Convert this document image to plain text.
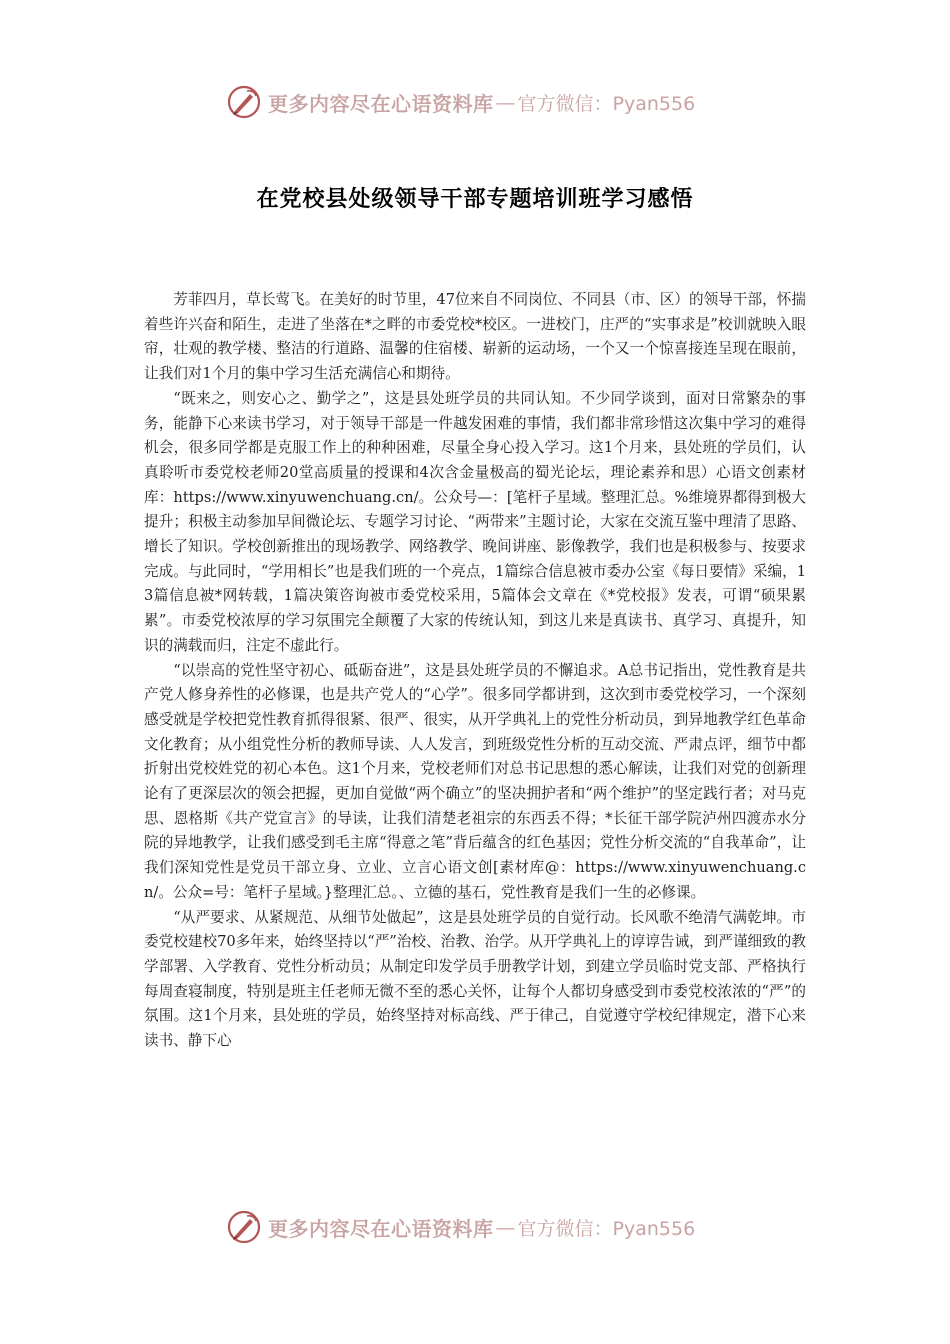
更多内容尽在心语资料库 — 官方微信：Pyan556
在党校县处级领导干部专题培训班学习感悟

芳菲四月，草长莺飞。在美好的时节里，47位来自不同岗位、不同县（市、区）的领导干部，怀揣着些许兴奋和陌生，走进了坐落在*之畔的市委党校*校区。一进校门，庄严的“实事求是”校训就映入眼帘，壮观的教学楼、整洁的行道路、温馨的住宿楼、崭新的运动场，一个又一个惊喜接连呈现在眼前，让我们对1个月的集中学习生活充满信心和期待。

“既来之，则安心之、勤学之”，这是县处班学员的共同认知。不少同学谈到，面对日常繁杂的事务，能静下心来读书学习，对于领导干部是一件越发困难的事情，我们都非常珍惜这次集中学习的难得机会，很多同学都是克服工作上的种种困难，尽量全身心投入学习。这1个月来，县处班的学员们，认真聆听市委党校老师20堂高质量的授课和4次含金量极高的蜀光论坛，理论素养和思）心语文创素材库：https://www.xinyuwenchuang.cn/。公众号—：[笔杆子星域。整理汇总。%维境界都得到极大提升；积极主动参加早间微论坛、专题学习讨论、“两带来”主题讨论，大家在交流互鉴中理清了思路、增长了知识。学校创新推出的现场教学、网络教学、晚间讲座、影像教学，我们也是积极参与、按要求完成。与此同时，“学用相长”也是我们班的一个亮点，1篇综合信息被市委办公室《每日要情》采编，13篇信息被*网转载，1篇决策咨询被市委党校采用，5篇体会文章在《*党校报》发表，可谓“硕果累累”。市委党校浓厚的学习氛围完全颠覆了大家的传统认知，到这儿来是真读书、真学习、真提升，知识的满载而归，注定不虚此行。

“以崇高的党性坚守初心、砥砺奋进”，这是县处班学员的不懈追求。A总书记指出，党性教育是共产党人修身养性的必修课，也是共产党人的“心学”。很多同学都讲到，这次到市委党校学习，一个深刻感受就是学校把党性教育抓得很紧、很严、很实，从开学典礼上的党性分析动员，到异地教学红色革命文化教育；从小组党性分析的教师导读、人人发言，到班级党性分析的互动交流、严肃点评，细节中都折射出党校姓党的初心本色。这1个月来，党校老师们对总书记思想的悉心解读，让我们对党的创新理论有了更深层次的领会把握，更加自觉做“两个确立”的坚决拥护者和“两个维护”的坚定践行者；对马克思、恩格斯《共产党宣言》的导读，让我们清楚老祖宗的东西丢不得；*长征干部学院泸州四渡赤水分院的异地教学，让我们感受到毛主席“得意之笔”背后蕴含的红色基因；党性分析交流的“自我革命”，让我们深知党性是党员干部立身、立业、立言心语文创[素材库@：https://www.xinyuwenchuang.cn/。公众=号：笔杆子星域。}整理汇总。、立德的基石，党性教育是我们一生的必修课。

“从严要求、从紧规范、从细节处做起”，这是县处班学员的自觉行动。长风歌不绝清气满乾坤。市委党校建校70多年来，始终坚持以“严”治校、治教、治学。从开学典礼上的谆谆告诫，到严谨细致的教学部署、入学教育、党性分析动员；从制定印发学员手册教学计划，到建立学员临时党支部、严格执行每周查寝制度，特别是班主任老师无微不至的悉心关怀，让每个人都切身感受到市委党校浓浓的“严”的氛围。这1个月来，县处班的学员，始终坚持对标高线、严于律己，自觉遵守学校纪律规定，潜下心来读书、静下心

更多内容尽在心语资料库 — 官方微信：Pyan556
